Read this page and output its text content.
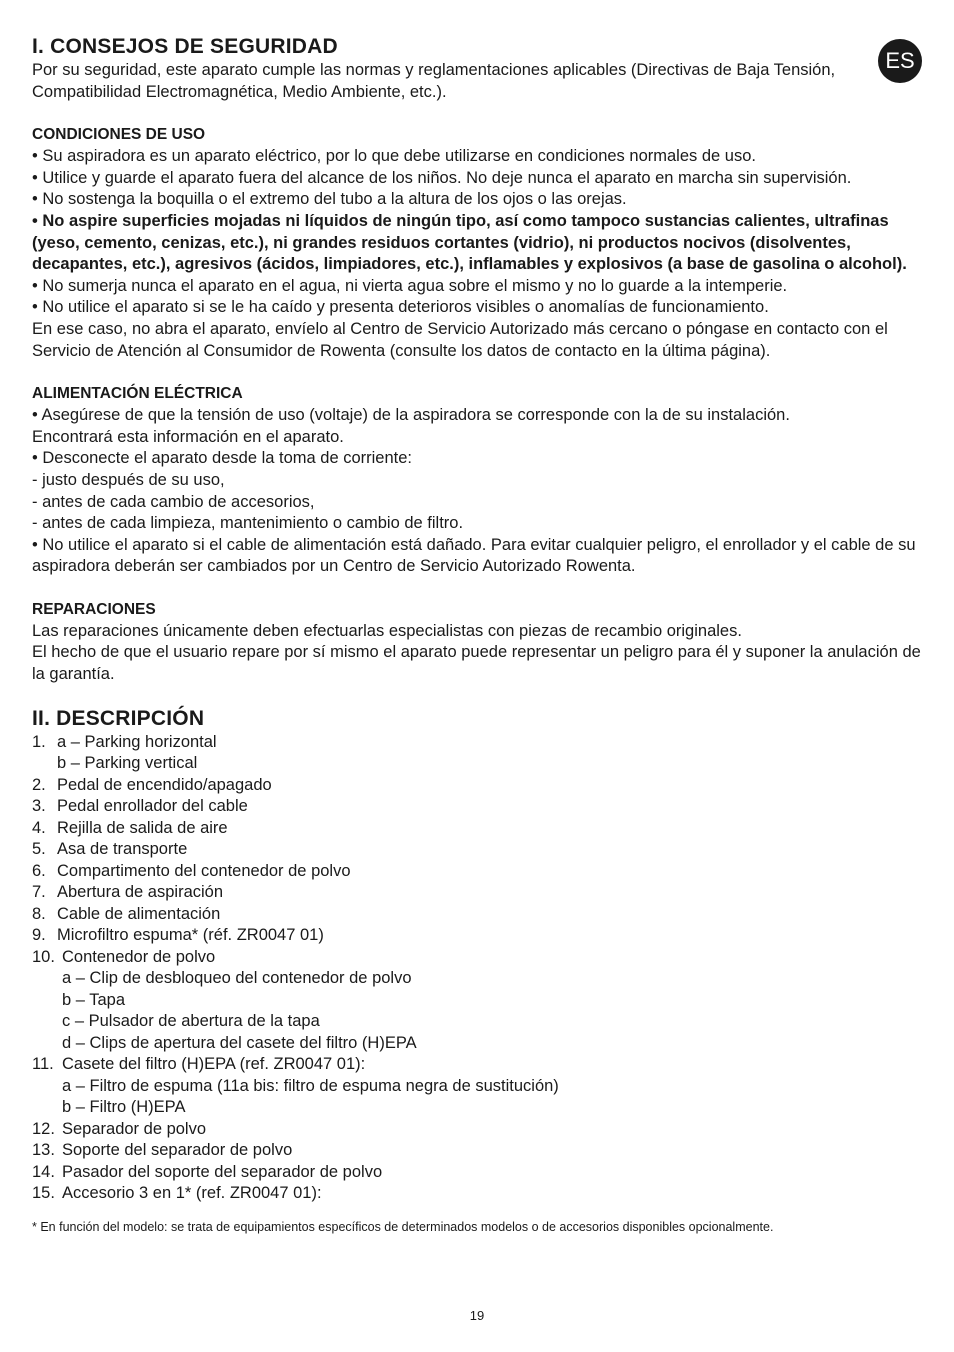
ES
I. CONSEJOS DE SEGURIDAD

Por su seguridad, este aparato cumple las normas y reglamentaciones aplicables (Directivas de Baja Tensión, Compatibilidad Electromagnética, Medio Ambiente, etc.).

CONDICIONES DE USO

• Su aspiradora es un aparato eléctrico, por lo que debe utilizarse en condiciones normales de uso.

• Utilice y guarde el aparato fuera del alcance de los niños. No deje nunca el aparato en marcha sin supervisión.

• No sostenga la boquilla o el extremo del tubo a la altura de los ojos o las orejas.

• No aspire superficies mojadas ni líquidos de ningún tipo, así como tampoco sustancias calientes, ultrafinas (yeso, cemento, cenizas, etc.), ni grandes residuos cortantes (vidrio), ni productos nocivos (disolventes, decapantes, etc.), agresivos (ácidos, limpiadores, etc.), inflamables y explosivos (a base de gasolina o alcohol).

• No sumerja nunca el aparato en el agua, ni vierta agua sobre el mismo y no lo guarde a la intemperie.

• No utilice el aparato si se le ha caído y presenta deterioros visibles o anomalías de funcionamiento.

En ese caso, no abra el aparato, envíelo al Centro de Servicio Autorizado más cercano o póngase en contacto con el Servicio de Atención al Consumidor de Rowenta (consulte los datos de contacto en la última página).

ALIMENTACIÓN ELÉCTRICA

• Asegúrese de que la tensión de uso (voltaje) de la aspiradora se corresponde con la de su instalación.

Encontrará esta información en el aparato.

• Desconecte el aparato desde la toma de corriente:

- justo después de su uso,

- antes de cada cambio de accesorios,

- antes de cada limpieza, mantenimiento o cambio de filtro.

• No utilice el aparato si el cable de alimentación está dañado. Para evitar cualquier peligro, el enrollador y el cable de su aspiradora deberán ser cambiados por un Centro de Servicio Autorizado Rowenta.

REPARACIONES

Las reparaciones únicamente deben efectuarlas especialistas con piezas de recambio originales.

El hecho de que el usuario repare por sí mismo el aparato puede representar un peligro para él y suponer la anulación de la garantía.

II. DESCRIPCIÓN
1. a – Parking horizontal
b – Parking vertical
2. Pedal de encendido/apagado
3. Pedal enrollador del cable
4. Rejilla de salida de aire
5. Asa de transporte
6. Compartimento del contenedor de polvo
7. Abertura de aspiración
8. Cable de alimentación
9. Microfiltro espuma* (réf. ZR0047 01)
10. Contenedor de polvo
a – Clip de desbloqueo del contenedor de polvo
b – Tapa
c – Pulsador de abertura de la tapa
d – Clips de apertura del casete del filtro (H)EPA
11. Casete del filtro (H)EPA (ref. ZR0047 01):
a – Filtro de espuma (11a bis: filtro de espuma negra de sustitución)
b – Filtro (H)EPA
12. Separador de polvo
13. Soporte del separador de polvo
14. Pasador del soporte del separador de polvo
15. Accesorio 3 en 1* (ref. ZR0047 01):
* En función del modelo: se trata de equipamientos específicos de determinados modelos o de accesorios disponibles opcionalmente.
19
